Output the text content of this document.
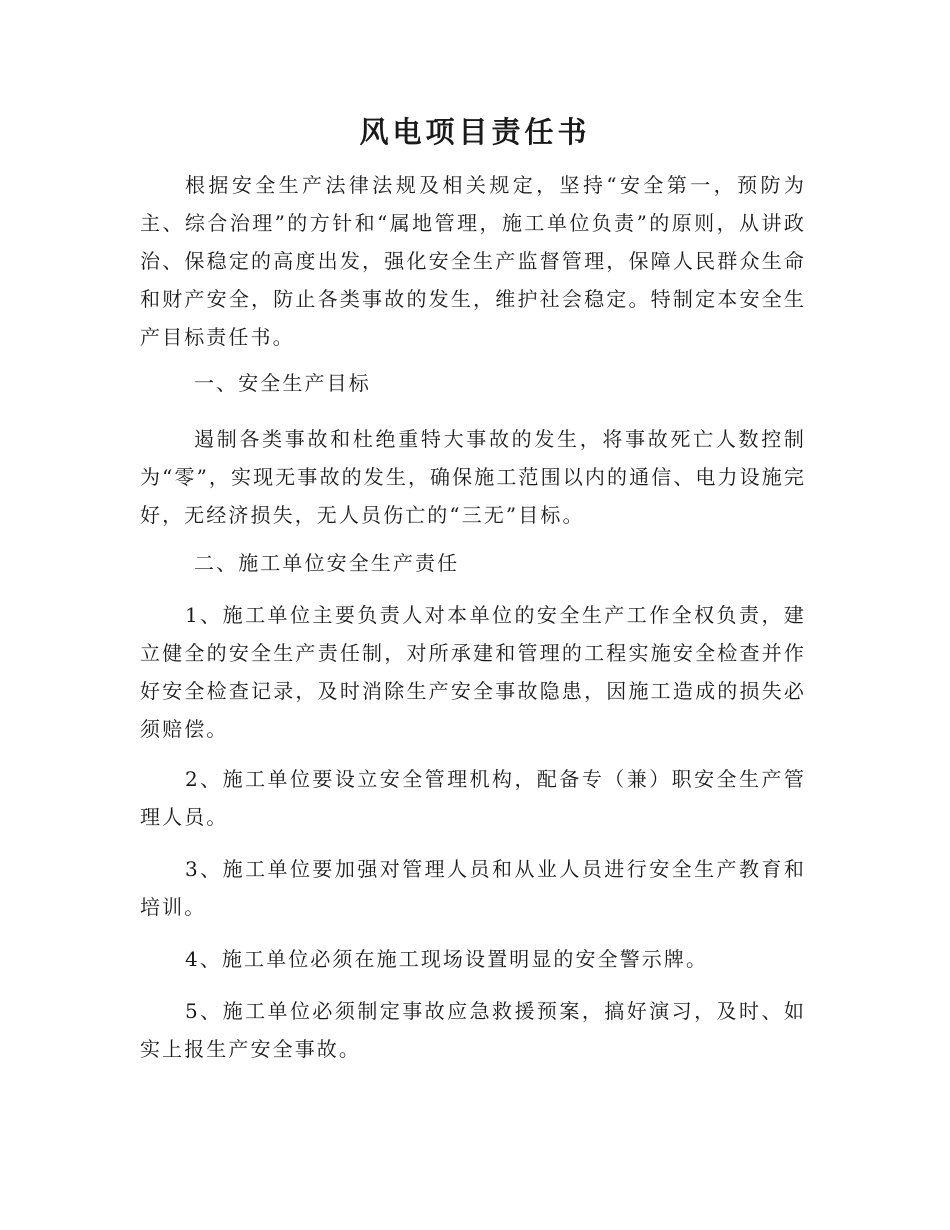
风电项目责任书

根据安全生产法律法规及相关规定，坚持“安全第一，预防为主、综合治理”的方针和“属地管理，施工单位负责”的原则，从讲政治、保稳定的高度出发，强化安全生产监督管理，保障人民群众生命和财产安全，防止各类事故的发生，维护社会稳定。特制定本安全生产目标责任书。

一、安全生产目标

遏制各类事故和杜绝重特大事故的发生，将事故死亡人数控制为“零”，实现无事故的发生，确保施工范围以内的通信、电力设施完好，无经济损失，无人员伤亡的“三无”目标。

二、施工单位安全生产责任

1、施工单位主要负责人对本单位的安全生产工作全权负责，建立健全的安全生产责任制，对所承建和管理的工程实施安全检查并作好安全检查记录，及时消除生产安全事故隐患，因施工造成的损失必须赔偿。

2、施工单位要设立安全管理机构，配备专（兼）职安全生产管理人员。

3、施工单位要加强对管理人员和从业人员进行安全生产教育和培训。

4、施工单位必须在施工现场设置明显的安全警示牌。

5、施工单位必须制定事故应急救援预案，搞好演习，及时、如实上报生产安全事故。
